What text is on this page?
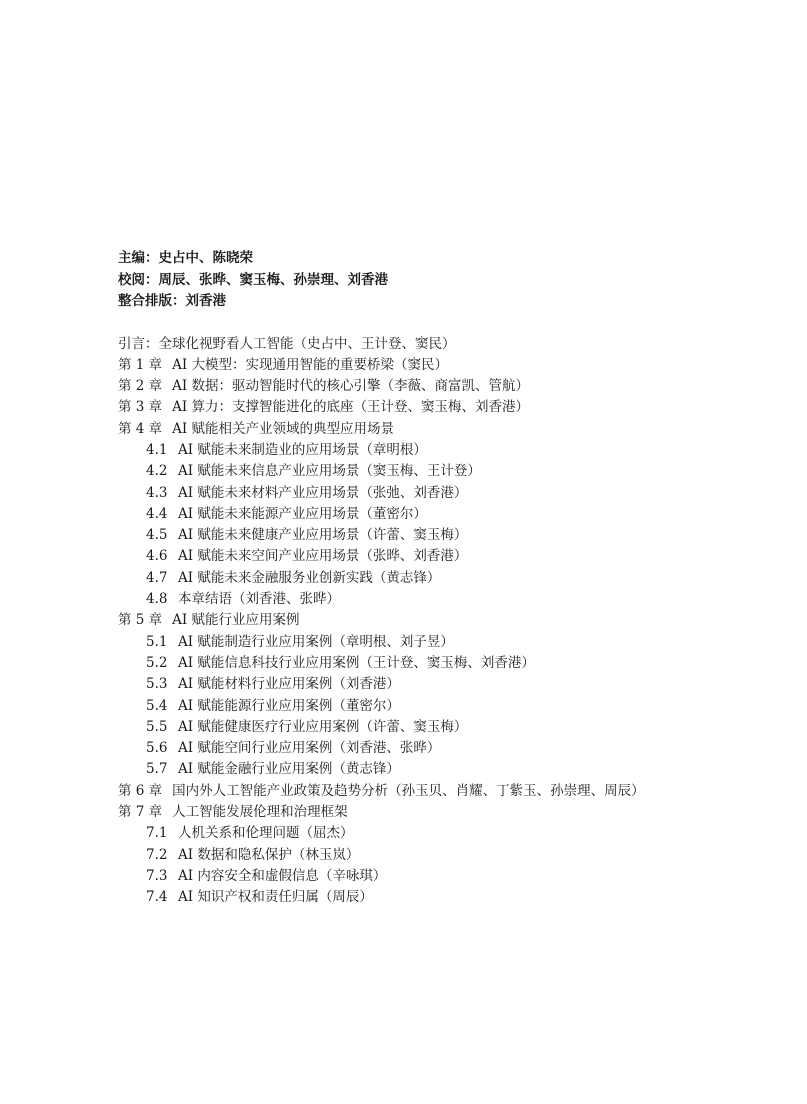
主编：史占中、陈晓荣
校阅：周辰、张晔、窦玉梅、孙崇理、刘香港
整合排版：刘香港
引言：全球化视野看人工智能（史占中、王计登、窦民）
第 1 章 AI 大模型：实现通用智能的重要桥梁（窦民）
第 2 章 AI 数据：驱动智能时代的核心引擎（李薇、商富凯、管航）
第 3 章 AI 算力：支撑智能进化的底座（王计登、窦玉梅、刘香港）
第 4 章 AI 赋能相关产业领域的典型应用场景
4.1 AI 赋能未来制造业的应用场景（章明根）
4.2 AI 赋能未来信息产业应用场景（窦玉梅、王计登）
4.3 AI 赋能未来材料产业应用场景（张弛、刘香港）
4.4 AI 赋能未来能源产业应用场景（董密尔）
4.5 AI 赋能未来健康产业应用场景（许蕾、窦玉梅）
4.6 AI 赋能未来空间产业应用场景（张晔、刘香港）
4.7 AI 赋能未来金融服务业创新实践（黄志锋）
4.8 本章结语（刘香港、张晔）
第 5 章 AI 赋能行业应用案例
5.1 AI 赋能制造行业应用案例（章明根、刘子昱）
5.2 AI 赋能信息科技行业应用案例（王计登、窦玉梅、刘香港）
5.3 AI 赋能材料行业应用案例（刘香港）
5.4 AI 赋能能源行业应用案例（董密尔）
5.5 AI 赋能健康医疗行业应用案例（许蕾、窦玉梅）
5.6 AI 赋能空间行业应用案例（刘香港、张晔）
5.7 AI 赋能金融行业应用案例（黄志锋）
第 6 章 国内外人工智能产业政策及趋势分析（孙玉贝、肖耀、丁紫玉、孙崇理、周辰）
第 7 章 人工智能发展伦理和治理框架
7.1 人机关系和伦理问题（屈杰）
7.2 AI 数据和隐私保护（林玉岚）
7.3 AI 内容安全和虚假信息（辛咏琪）
7.4 AI 知识产权和责任归属（周辰）
